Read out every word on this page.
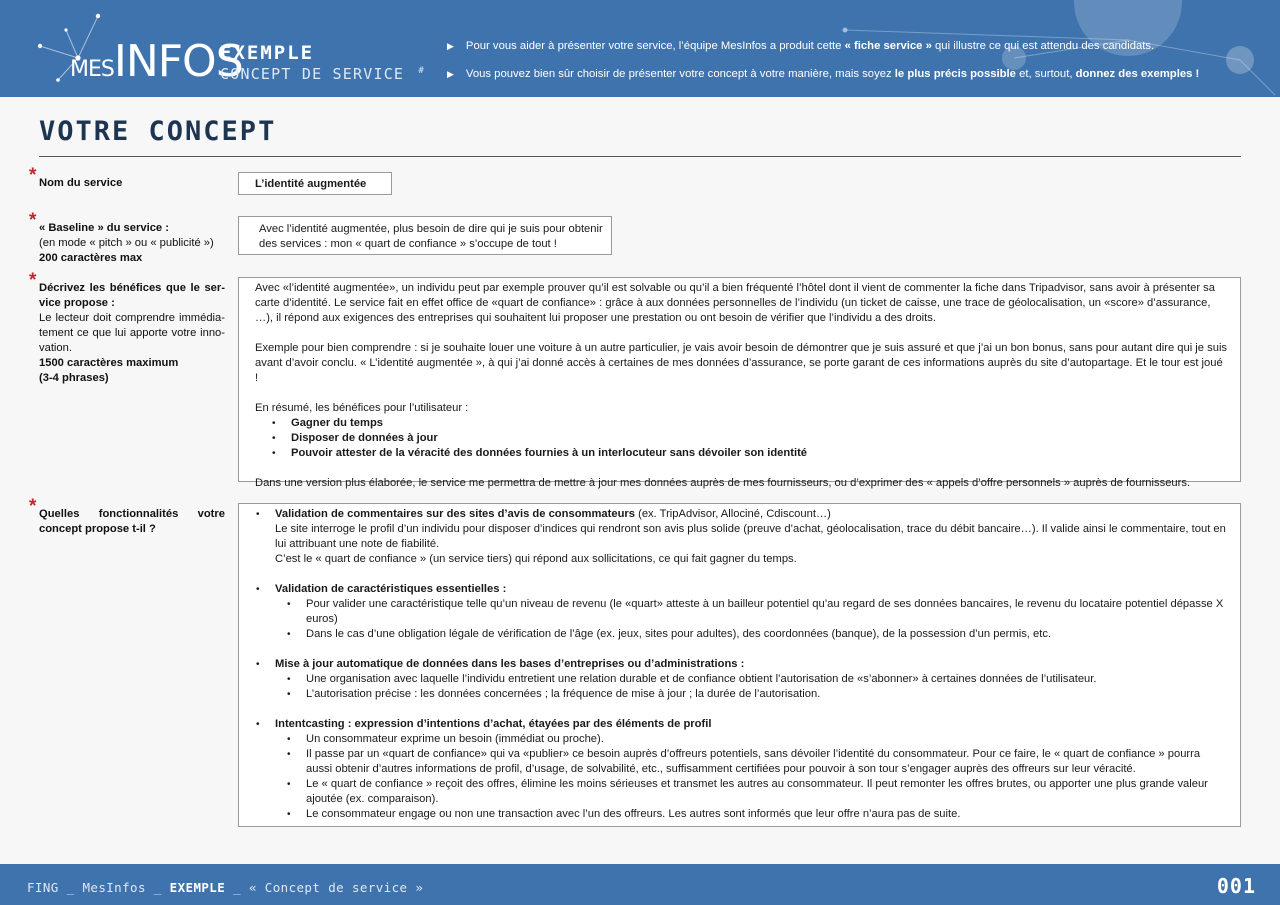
MESINFOS
EXEMPLE
CONCEPT DE SERVICE #
▶ Pour vous aider à présenter votre service, l’équipe MesInfos a produit cette « fiche service » qui illustre ce qui est attendu des candidats.
▶ Vous pouvez bien sûr choisir de présenter votre concept à votre manière, mais soyez le plus précis possible et, surtout, donnez des exemples !
VOTRE CONCEPT
* Nom du service	L’identité augmentée
* « Baseline » du service :
(en mode « pitch » ou « publicité »)
200 caractères max
Avec l’identité augmentée, plus besoin de dire qui je suis pour obtenir
des services : mon « quart de confiance » s’occupe de tout !
* Décrivez les bénéfices que le ser-
vice propose :
Le lecteur doit comprendre immédia-
tement ce que lui apporte votre inno-
vation.
1500 caractères maximum
(3-4 phrases)

Avec «l’identité augmentée», un individu peut par exemple prouver qu’il est solvable ou qu’il a bien fréquenté l’hôtel dont il vient de commenter la fiche dans Tripadvisor, sans avoir à présenter sa carte d’identité. Le service fait en effet office de «quart de confiance» : grâce à aux données personnelles de l’individu (un ticket de caisse, une trace de géolocalisation, un «score» d’assurance, …), il répond aux exigences des entreprises qui souhaitent lui proposer une prestation ou ont besoin de vérifier que l’individu a des droits.

Exemple pour bien comprendre : si je souhaite louer une voiture à un autre particulier, je vais avoir besoin de démontrer que je suis assuré et que j’ai un bon bonus, sans pour autant dire qui je suis avant d’avoir conclu. « L’identité augmentée », à qui j’ai donné accès à certaines de mes données d’assurance, se porte garant de ces informations auprès du site d’autopartage. Et le tour est joué !

En résumé, les bénéfices pour l’utilisateur :

• Gagner du temps
• Disposer de données à jour
• Pouvoir attester de la véracité des données fournies à un interlocuteur sans dévoiler son identité

Dans une version plus élaborée, le service me permettra de mettre à jour mes données auprès de mes fournisseurs, ou d’exprimer des « appels d’offre personnels » auprès de fournisseurs.

* Quelles fonctionnalités votre
concept propose t-il ?
• Validation de commentaires sur des sites d’avis de consommateurs (ex. TripAdvisor, Allociné, Cdiscount…)

Le site interroge le profil d’un individu pour disposer d’indices qui rendront son avis plus solide (preuve d’achat, géolocalisation, trace du débit bancaire…). Il valide ainsi le commentaire, tout en lui attribuant une note de fiabilité.

C’est le « quart de confiance » (un service tiers) qui répond aux sollicitations, ce qui fait gagner du temps.

• Validation de caractéristiques essentielles :
• Pour valider une caractéristique telle qu’un niveau de revenu (le «quart» atteste à un bailleur potentiel qu’au regard de ses données bancaires, le revenu du locataire potentiel dépasse X euros)
• Dans le cas d’une obligation légale de vérification de l’âge (ex. jeux, sites pour adultes), des coordonnées (banque), de la possession d’un permis, etc.
• Mise à jour automatique de données dans les bases d’entreprises ou d’administrations :
• Une organisation avec laquelle l’individu entretient une relation durable et de confiance obtient l’autorisation de «s’abonner» à certaines données de l’utilisateur.
• L’autorisation précise : les données concernées ; la fréquence de mise à jour ; la durée de l’autorisation.
• Intentcasting : expression d’intentions d’achat, étayées par des éléments de profil
• Un consommateur exprime un besoin (immédiat ou proche).
• Il passe par un «quart de confiance» qui va «publier» ce besoin auprès d’offreurs potentiels, sans dévoiler l’identité du consommateur. Pour ce faire, le « quart de confiance » pourra aussi obtenir d’autres informations de profil, d’usage, de solvabilité, etc., suffisamment certifiées pour pouvoir à son tour s’engager auprès des offreurs sur leur véracité.
• Le « quart de confiance » reçoit des offres, élimine les moins sérieuses et transmet les autres au consommateur. Il peut remonter les offres brutes, ou apporter une plus grande valeur ajoutée (ex. comparaison).
• Le consommateur engage ou non une transaction avec l’un des offreurs. Les autres sont informés que leur offre n’aura pas de suite.
FING _ MesInfos _ EXEMPLE _ « Concept de service »	001
